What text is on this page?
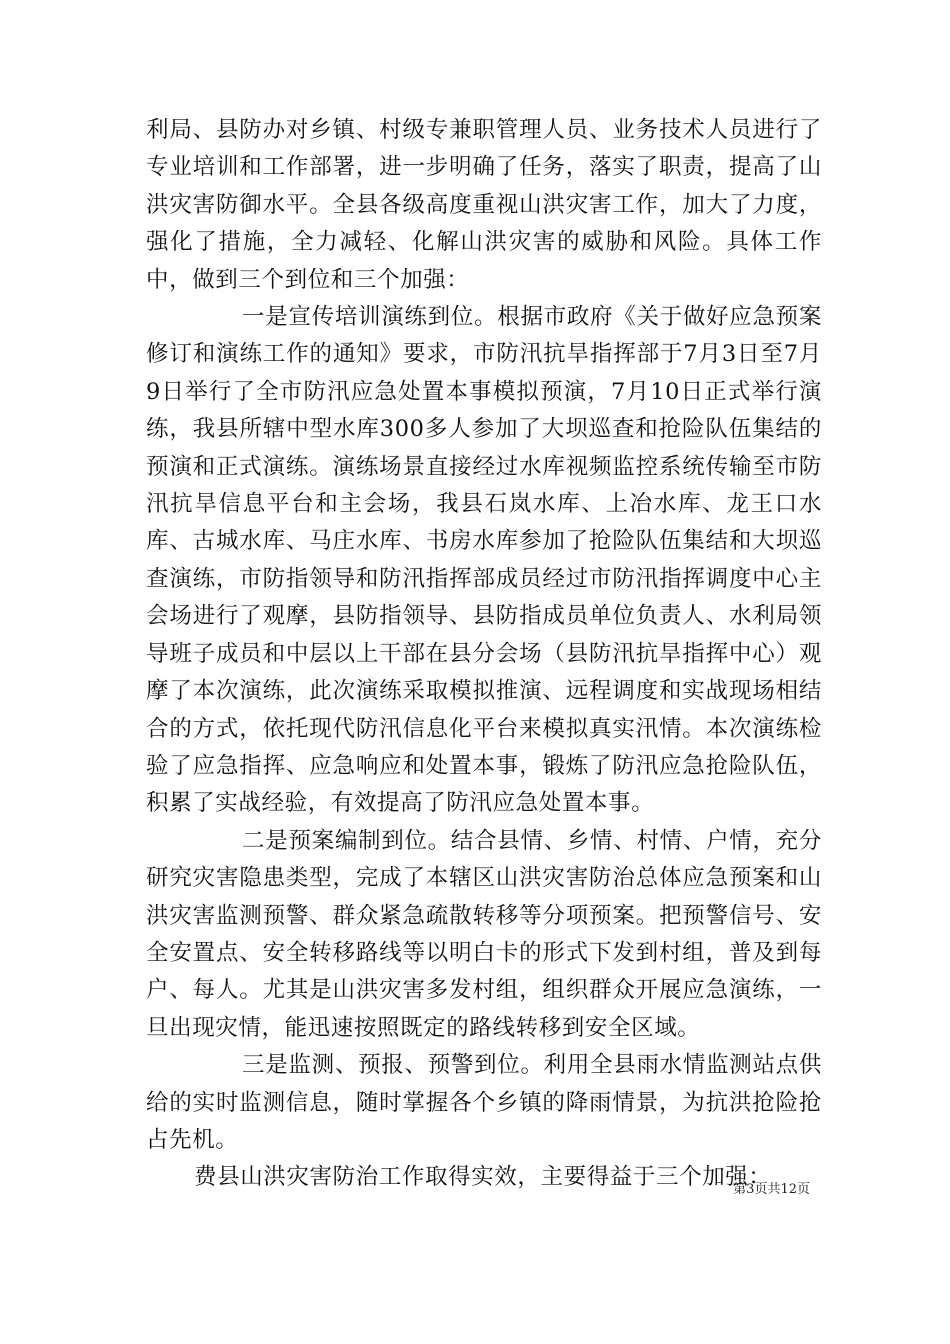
利局、县防办对乡镇、村级专兼职管理人员、业务技术人员进行了专业培训和工作部署，进一步明确了任务，落实了职责，提高了山洪灾害防御水平。全县各级高度重视山洪灾害工作，加大了力度，强化了措施，全力减轻、化解山洪灾害的威胁和风险。具体工作中，做到三个到位和三个加强：

一是宣传培训演练到位。根据市政府《关于做好应急预案修订和演练工作的通知》要求，市防汛抗旱指挥部于7月3日至7月9日举行了全市防汛应急处置本事模拟预演，7月10日正式举行演练，我县所辖中型水库300多人参加了大坝巡查和抢险队伍集结的预演和正式演练。演练场景直接经过水库视频监控系统传输至市防汛抗旱信息平台和主会场，我县石岚水库、上冶水库、龙王口水库、古城水库、马庄水库、书房水库参加了抢险队伍集结和大坝巡查演练，市防指领导和防汛指挥部成员经过市防汛指挥调度中心主会场进行了观摩，县防指领导、县防指成员单位负责人、水利局领导班子成员和中层以上干部在县分会场（县防汛抗旱指挥中心）观摩了本次演练，此次演练采取模拟推演、远程调度和实战现场相结合的方式，依托现代防汛信息化平台来模拟真实汛情。本次演练检验了应急指挥、应急响应和处置本事，锻炼了防汛应急抢险队伍，积累了实战经验，有效提高了防汛应急处置本事。

二是预案编制到位。结合县情、乡情、村情、户情，充分研究灾害隐患类型，完成了本辖区山洪灾害防治总体应急预案和山洪灾害监测预警、群众紧急疏散转移等分项预案。把预警信号、安全安置点、安全转移路线等以明白卡的形式下发到村组，普及到每户、每人。尤其是山洪灾害多发村组，组织群众开展应急演练，一旦出现灾情，能迅速按照既定的路线转移到安全区域。

三是监测、预报、预警到位。利用全县雨水情监测站点供给的实时监测信息，随时掌握各个乡镇的降雨情景，为抗洪抢险抢占先机。

费县山洪灾害防治工作取得实效，主要得益于三个加强：

第3页共12页
